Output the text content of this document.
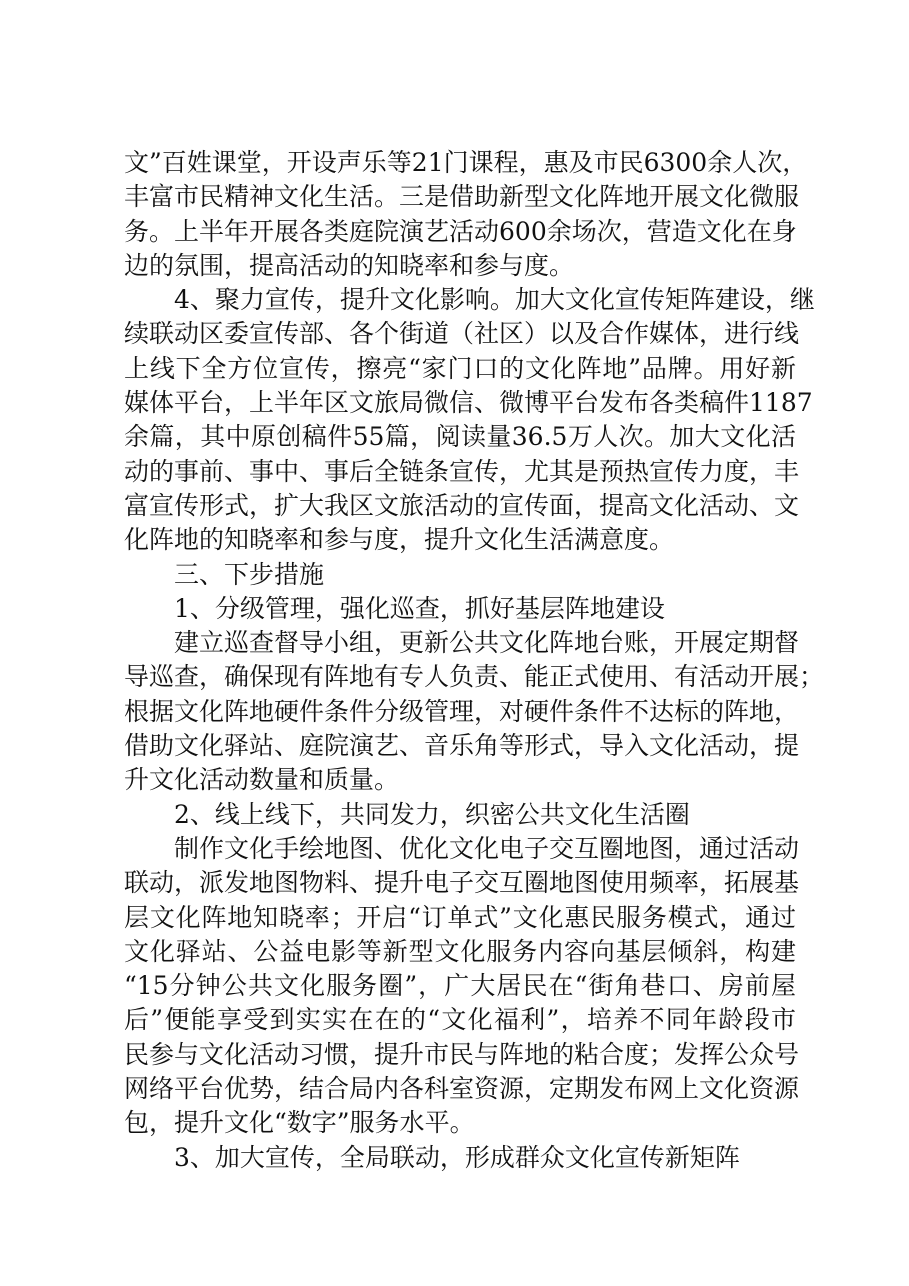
文”百姓课堂，开设声乐等21门课程，惠及市民6300余人次，
丰富市民精神文化生活。三是借助新型文化阵地开展文化微服
务。上半年开展各类庭院演艺活动600余场次，营造文化在身
边的氛围，提高活动的知晓率和参与度。
4、聚力宣传，提升文化影响。加大文化宣传矩阵建设，继
续联动区委宣传部、各个街道（社区）以及合作媒体，进行线
上线下全方位宣传，擦亮“家门口的文化阵地”品牌。用好新
媒体平台，上半年区文旅局微信、微博平台发布各类稿件1187
余篇，其中原创稿件55篇，阅读量36.5万人次。加大文化活
动的事前、事中、事后全链条宣传，尤其是预热宣传力度，丰
富宣传形式，扩大我区文旅活动的宣传面，提高文化活动、文
化阵地的知晓率和参与度，提升文化生活满意度。
三、下步措施
1、分级管理，强化巡查，抓好基层阵地建设
建立巡查督导小组，更新公共文化阵地台账，开展定期督
导巡查，确保现有阵地有专人负责、能正式使用、有活动开展；
根据文化阵地硬件条件分级管理，对硬件条件不达标的阵地，
借助文化驿站、庭院演艺、音乐角等形式，导入文化活动，提
升文化活动数量和质量。
2、线上线下，共同发力，织密公共文化生活圈
制作文化手绘地图、优化文化电子交互圈地图，通过活动
联动，派发地图物料、提升电子交互圈地图使用频率，拓展基
层文化阵地知晓率；开启“订单式”文化惠民服务模式，通过
文化驿站、公益电影等新型文化服务内容向基层倾斜，构建
“15分钟公共文化服务圈”，广大居民在“街角巷口、房前屋
后”便能享受到实实在在的“文化福利”，培养不同年龄段市
民参与文化活动习惯，提升市民与阵地的粘合度；发挥公众号
网络平台优势，结合局内各科室资源，定期发布网上文化资源
包，提升文化“数字”服务水平。
3、加大宣传，全局联动，形成群众文化宣传新矩阵
